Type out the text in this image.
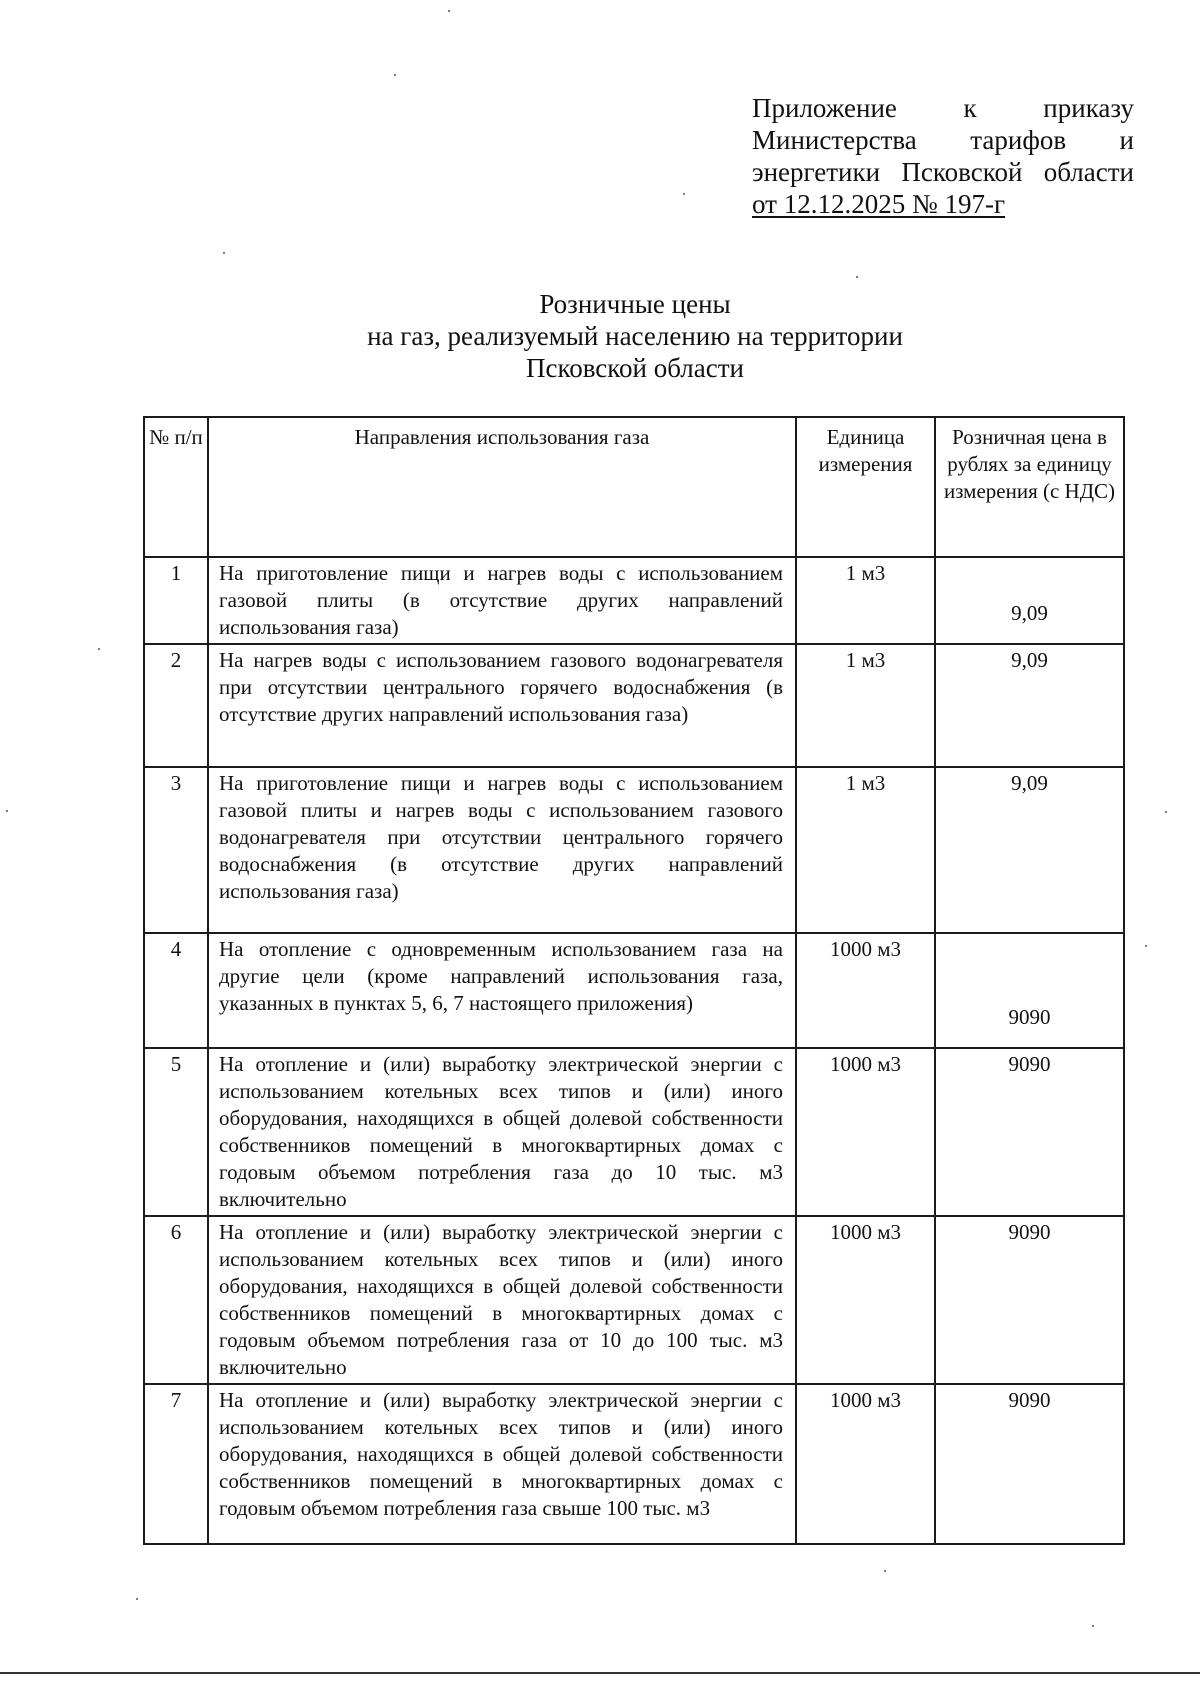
Приложение к приказу
Министерства тарифов и
энергетики Псковской области
от 12.12.2025 № 197-г
Розничные цены
на газ, реализуемый населению на территории
Псковской области
№ п/п	Направления использования газа	Единица измерения	Розничная цена в рублях за единицу измерения (с НДС)
1	На приготовление пищи и нагрев воды с использованием газовой плиты (в отсутствие других направлений использования газа)	1 м3	9,09
2	На нагрев воды с использованием газового водонагревателя при отсутствии центрального горячего водоснабжения (в отсутствие других направлений использования газа)	1 м3	9,09
3	На приготовление пищи и нагрев воды с использованием газовой плиты и нагрев воды с использованием газового водонагревателя при отсутствии центрального горячего водоснабжения (в отсутствие других направлений использования газа)	1 м3	9,09
4	На отопление с одновременным использованием газа на другие цели (кроме направлений использования газа, указанных в пунктах 5, 6, 7 настоящего приложения)	1000 м3	9090
5	На отопление и (или) выработку электрической энергии с использованием котельных всех типов и (или) иного оборудования, находящихся в общей долевой собственности собственников помещений в многоквартирных домах с годовым объемом потребления газа до 10 тыс. м3 включительно	1000 м3	9090
6	На отопление и (или) выработку электрической энергии с использованием котельных всех типов и (или) иного оборудования, находящихся в общей долевой собственности собственников помещений в многоквартирных домах с годовым объемом потребления газа от 10 до 100 тыс. м3 включительно	1000 м3	9090
7	На отопление и (или) выработку электрической энергии с использованием котельных всех типов и (или) иного оборудования, находящихся в общей долевой собственности собственников помещений в многоквартирных домах с годовым объемом потребления газа свыше 100 тыс. м3	1000 м3	9090
